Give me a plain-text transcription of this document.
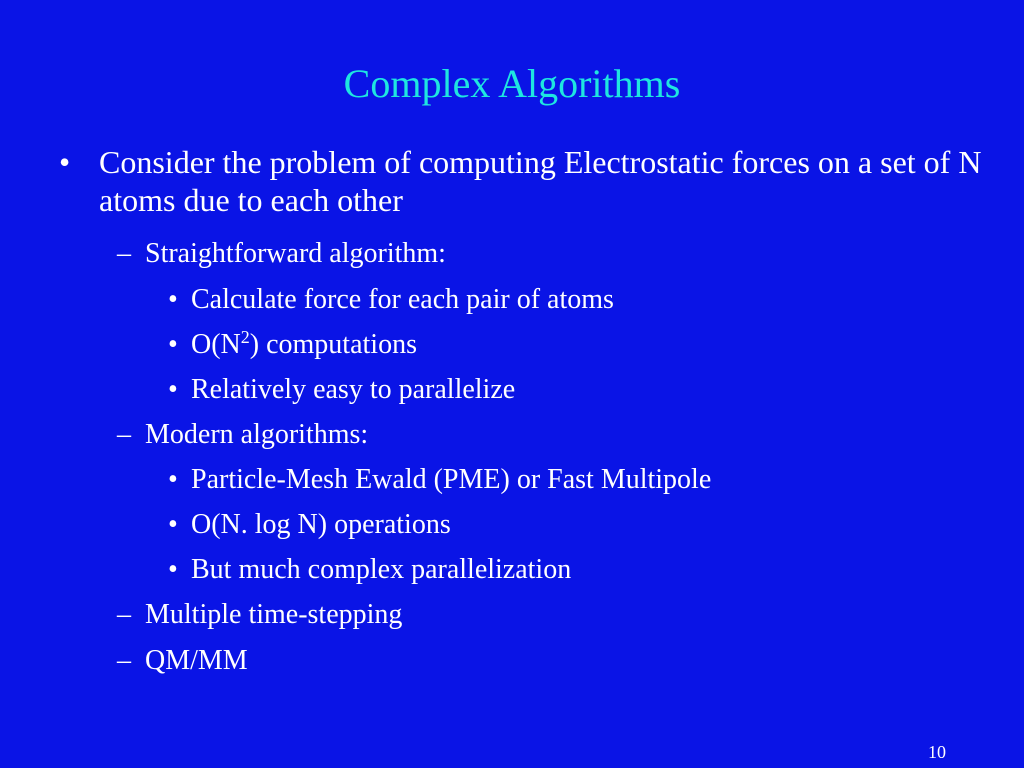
Complex Algorithms
• Consider the problem of computing Electrostatic forces on a set of N atoms due to each other
– Straightforward algorithm:
• Calculate force for each pair of atoms
• $O(N^2)$ computations
• Relatively easy to parallelize
– Modern algorithms:
• Particle-Mesh Ewald (PME) or Fast Multipole
• O(N. log N) operations
• But much complex parallelization
– Multiple time-stepping
– QM/MM
10
